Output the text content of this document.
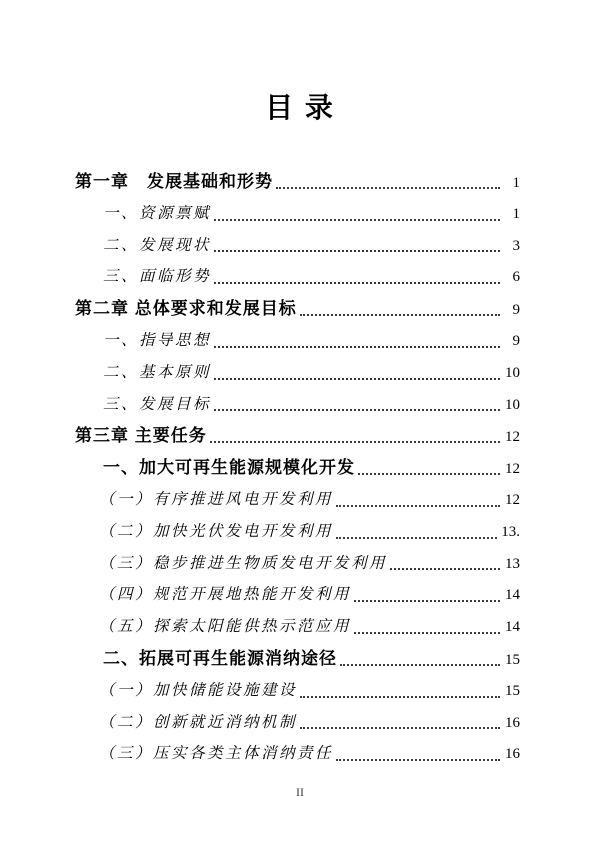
目 录
第一章　发展基础和形势	1
一、资源禀赋	1
二、发展现状	3
三、面临形势	6
第二章 总体要求和发展目标	9
一、指导思想	9
二、基本原则	10
三、发展目标	10
第三章 主要任务	12
一、加大可再生能源规模化开发	12
（一）有序推进风电开发利用	12
（二）加快光伏发电开发利用	13.
（三）稳步推进生物质发电开发利用	13
（四）规范开展地热能开发利用	14
（五）探索太阳能供热示范应用	14
二、拓展可再生能源消纳途径	15
（一）加快储能设施建设	15
（二）创新就近消纳机制	16
（三）压实各类主体消纳责任	16
II
